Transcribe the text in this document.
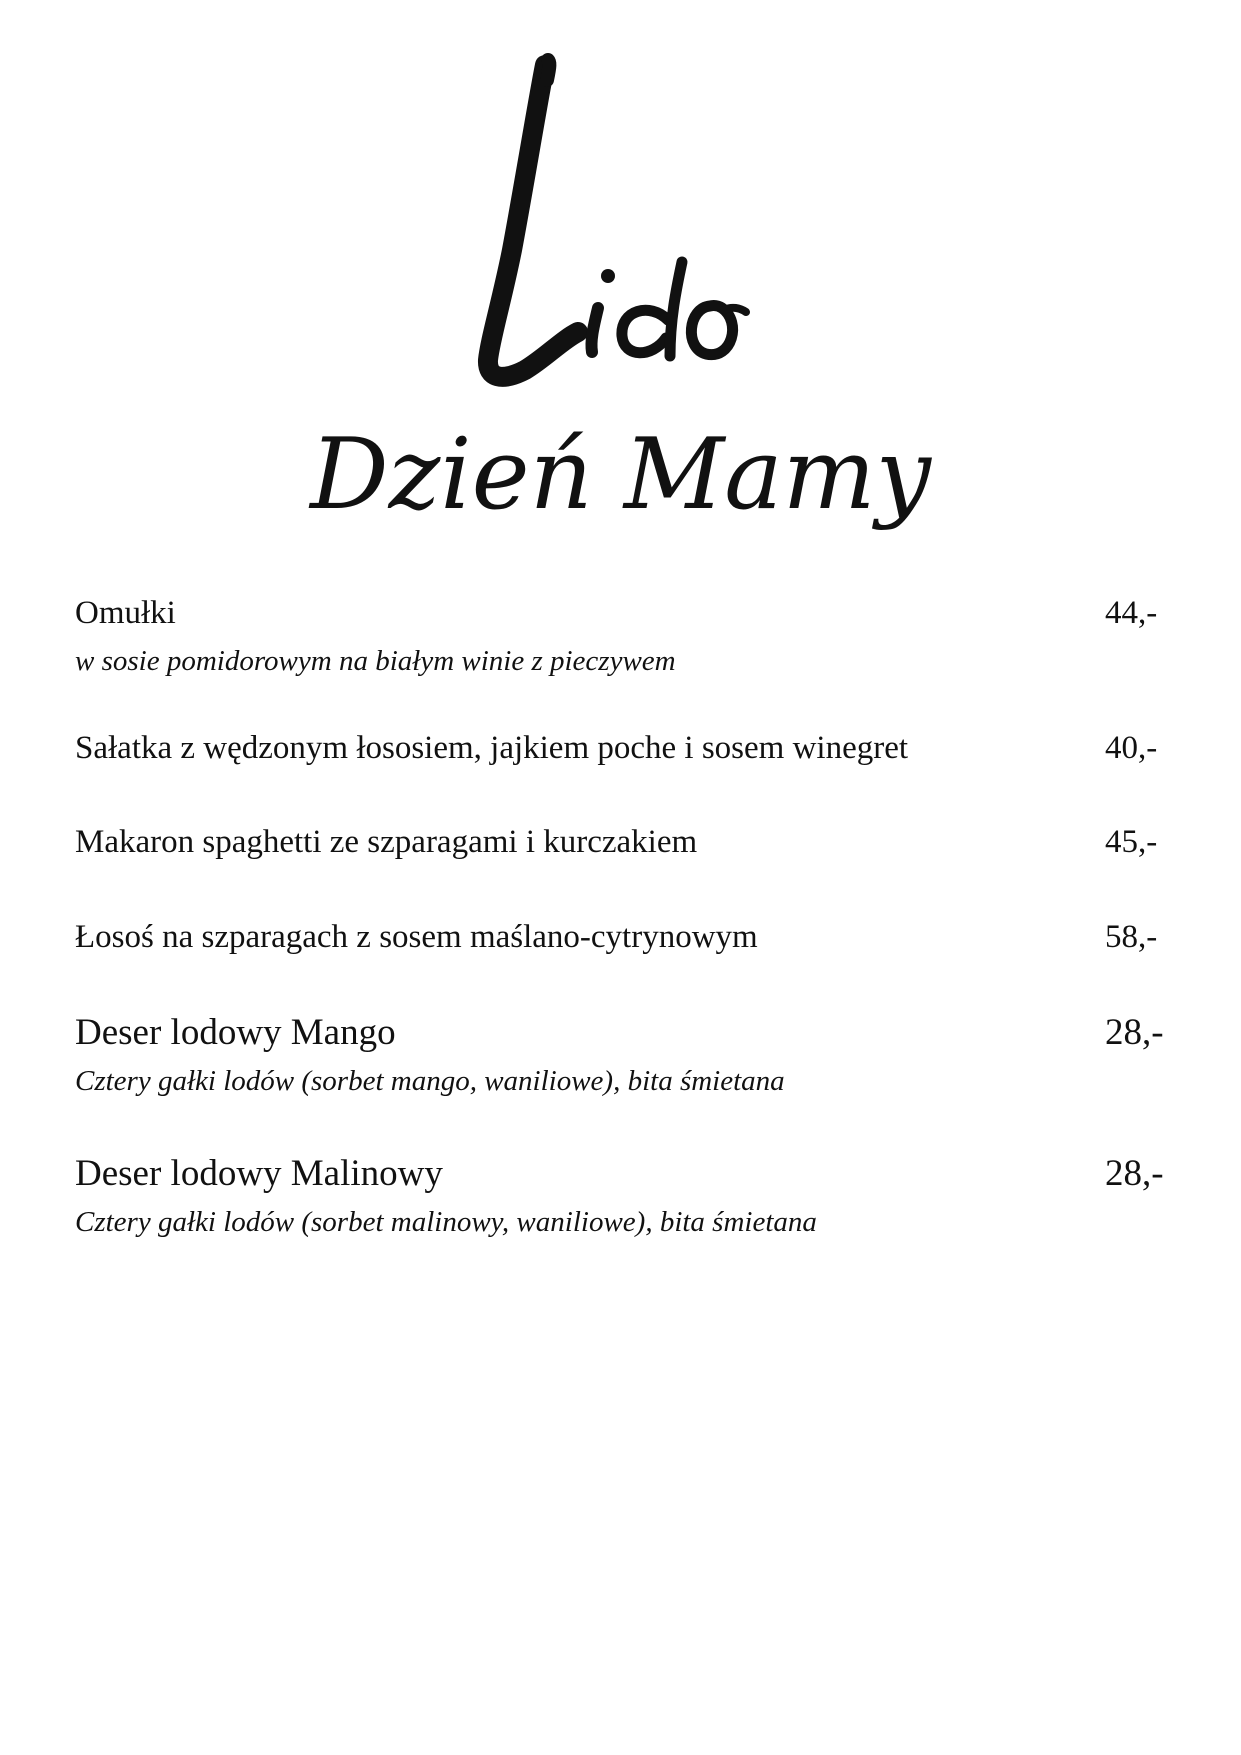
Dzień Mamy
Omułki	44,-
w sosie pomidorowym na białym winie z pieczywem
Sałatka z wędzonym łososiem, jajkiem poche i sosem winegret	40,-
Makaron spaghetti ze szparagami i kurczakiem	45,-
Łosoś na szparagach z sosem maślano-cytrynowym	58,-
Deser lodowy Mango	28,-
Cztery gałki lodów (sorbet mango, waniliowe), bita śmietana
Deser lodowy Malinowy	28,-
Cztery gałki lodów (sorbet malinowy, waniliowe), bita śmietana
